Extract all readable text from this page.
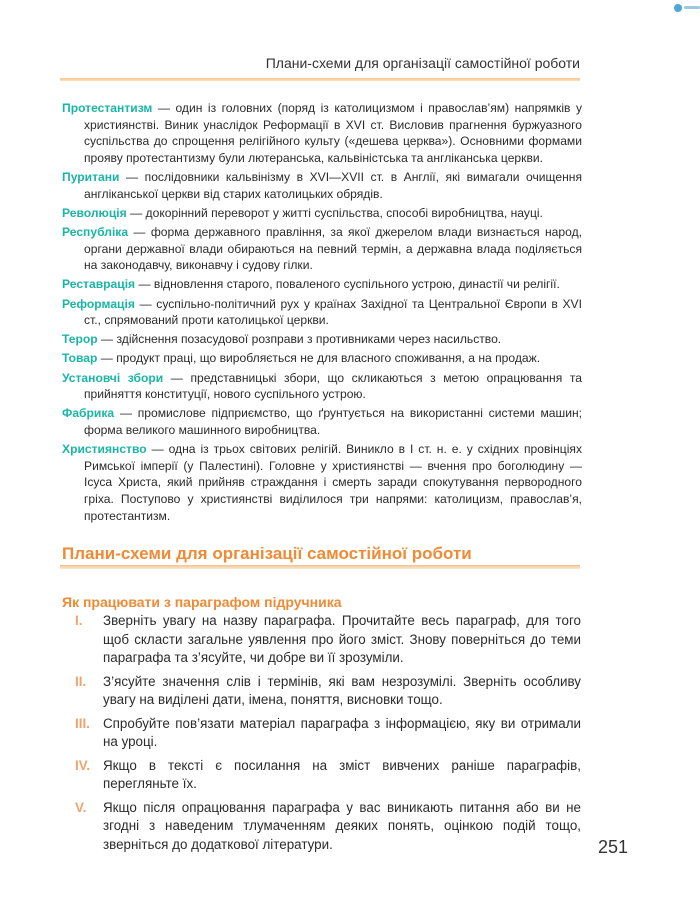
Плани-схеми для організації самостійної роботи

Протестантизм — один із головних (поряд із католицизмом і православ’ям) напрямків у християнстві. Виник унаслідок Реформації в XVI ст. Висловив прагнення буржуазного суспільства до спрощення релігійного культу («дешева церква»). Основними формами прояву протестантизму були лютеранська, кальвіністська та англіканська церкви.

Пуритани — послідовники кальвінізму в XVI—XVII ст. в Англії, які вимагали очищення англіканської церкви від старих католицьких обрядів.

Революція — докорінний переворот у житті суспільства, способі виробництва, науці.

Республіка — форма державного правління, за якої джерелом влади визнається народ, органи державної влади обираються на певний термін, а державна влада поділяється на законодавчу, виконавчу і судову гілки.

Реставрація — відновлення старого, поваленого суспільного устрою, династії чи релігії.

Реформація — суспільно-політичний рух у країнах Західної та Центральної Європи в XVI ст., спрямований проти католицької церкви.

Терор — здійснення позасудової розправи з противниками через насильство.

Товар — продукт праці, що виробляється не для власного споживання, а на продаж.

Установчі збори — представницькі збори, що скликаються з метою опрацювання та прийняття конституції, нового суспільного устрою.

Фабрика — промислове підприємство, що ґрунтується на використанні системи машин; форма великого машинного виробництва.

Християнство — одна із трьох світових релігій. Виникло в I ст. н. е. у східних провінціях Римської імперії (у Палестині). Головне у християнстві — вчення про боголюдину — Ісуса Христа, який прийняв страждання і смерть заради спокутування первородного гріха. Поступово у християнстві виділилося три напрями: католицизм, православ’я, протестантизм.

Плани-схеми для організації самостійної роботи
Як працювати з параграфом підручника
I.	Зверніть увагу на назву параграфа. Прочитайте весь параграф, для того щоб скласти загальне уявлення про його зміст. Знову поверніться до теми параграфа та з’ясуйте, чи добре ви її зрозуміли.
II.	З’ясуйте значення слів і термінів, які вам незрозумілі. Зверніть особливу увагу на виділені дати, імена, поняття, висновки тощо.
III. Спробуйте пов’язати матеріал параграфа з інформацією, яку ви отримали на уроці.
IV. Якщо в тексті є посилання на зміст вивчених раніше параграфів, перегляньте їх.
V.	Якщо після опрацювання параграфа у вас виникають питання або ви не згодні з наведеним тлумаченням деяких понять, оцінкою подій тощо, зверніться до додаткової літератури.	251
